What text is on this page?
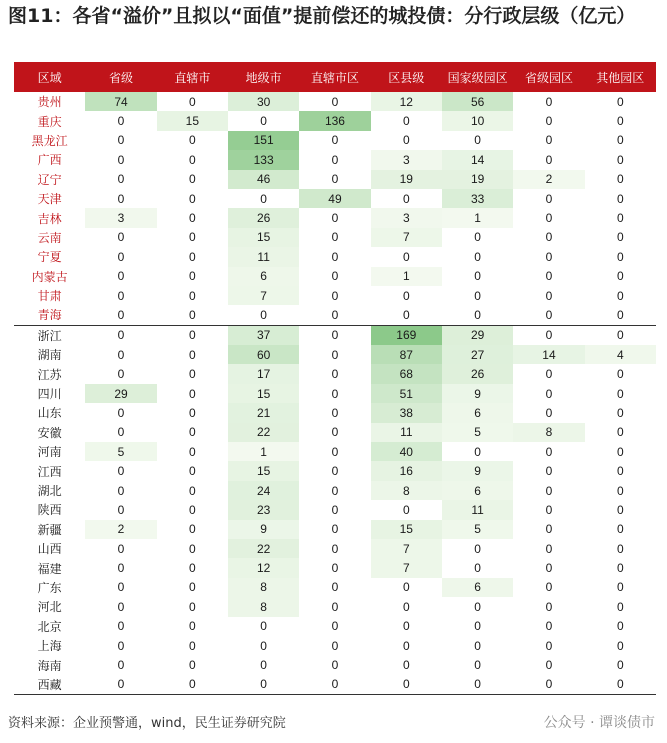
图11：各省“溢价”且拟以“面值”提前偿还的城投债：分行政层级（亿元）
区域	省级	直辖市	地级市	直辖市区	区县级	国家级园区	省级园区	其他园区
贵州	74	0	30	0	12	56	0	0
重庆	0	15	0	136	0	10	0	0
黑龙江	0	0	151	0	0	0	0	0
广西	0	0	133	0	3	14	0	0
辽宁	0	0	46	0	19	19	2	0
天津	0	0	0	49	0	33	0	0
吉林	3	0	26	0	3	1	0	0
云南	0	0	15	0	7	0	0	0
宁夏	0	0	11	0	0	0	0	0
内蒙古	0	0	6	0	1	0	0	0
甘肃	0	0	7	0	0	0	0	0
青海	0	0	0	0	0	0	0	0
浙江	0	0	37	0	169	29	0	0
湖南	0	0	60	0	87	27	14	4
江苏	0	0	17	0	68	26	0	0
四川	29	0	15	0	51	9	0	0
山东	0	0	21	0	38	6	0	0
安徽	0	0	22	0	11	5	8	0
河南	5	0	1	0	40	0	0	0
江西	0	0	15	0	16	9	0	0
湖北	0	0	24	0	8	6	0	0
陕西	0	0	23	0	0	11	0	0
新疆	2	0	9	0	15	5	0	0
山西	0	0	22	0	7	0	0	0
福建	0	0	12	0	7	0	0	0
广东	0	0	8	0	0	6	0	0
河北	0	0	8	0	0	0	0	0
北京	0	0	0	0	0	0	0	0
上海	0	0	0	0	0	0	0	0
海南	0	0	0	0	0	0	0	0
西藏	0	0	0	0	0	0	0	0
资料来源：企业预警通，wind，民生证券研究院	公众号 · 谭谈债市
